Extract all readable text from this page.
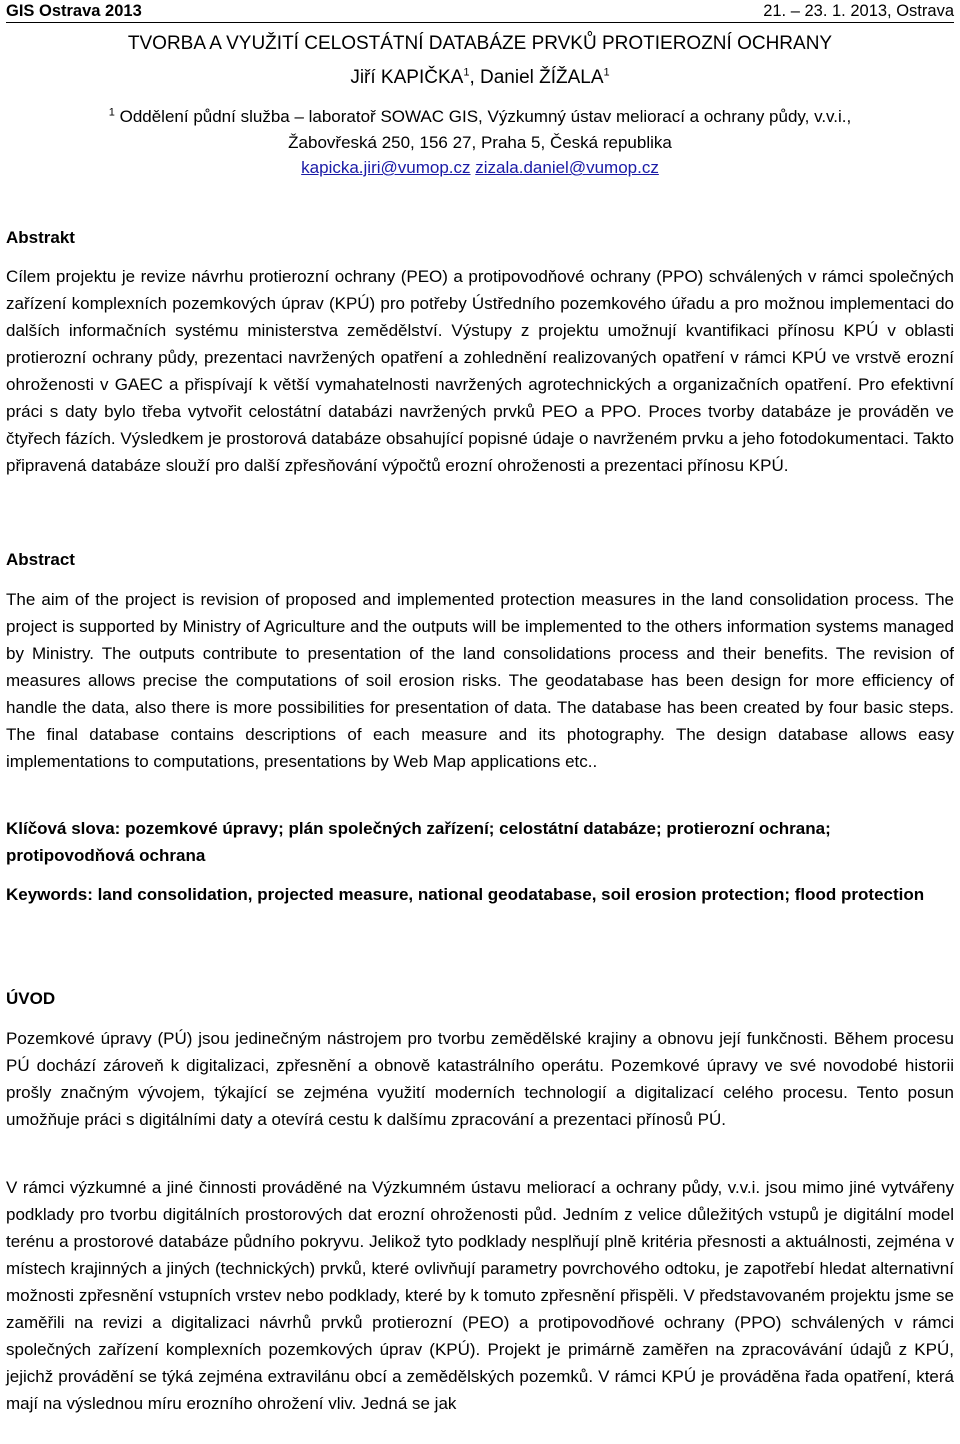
GIS Ostrava 2013	21. – 23. 1. 2013, Ostrava
TVORBA A VYUŽITÍ CELOSTÁTNÍ DATABÁZE PRVKŮ PROTIEROZNÍ OCHRANY
Jiří KAPIČKA$^1$, Daniel ŽÍŽALA$^1$
$^1$ Oddělení půdní služba – laboratoř SOWAC GIS, Výzkumný ústav meliorací a ochrany půdy, v.v.i.,
Žabovřeská 250, 156 27, Praha 5, Česká republika
kapicka.jiri@vumop.cz zizala.daniel@vumop.cz
Abstrakt

Cílem projektu je revize návrhu protierozní ochrany (PEO) a protipovodňové ochrany (PPO) schválených v rámci společných zařízení komplexních pozemkových úprav (KPÚ) pro potřeby Ústředního pozemkového úřadu a pro možnou implementaci do dalších informačních systému ministerstva zemědělství. Výstupy z projektu umožnují kvantifikaci přínosu KPÚ v oblasti protierozní ochrany půdy, prezentaci navržených opatření a zohlednění realizovaných opatření v rámci KPÚ ve vrstvě erozní ohroženosti v GAEC a přispívají k větší vymahatelnosti navržených agrotechnických a organizačních opatření. Pro efektivní práci s daty bylo třeba vytvořit celostátní databázi navržených prvků PEO a PPO. Proces tvorby databáze je prováděn ve čtyřech fázích. Výsledkem je prostorová databáze obsahující popisné údaje o navrženém prvku a jeho fotodokumentaci. Takto připravená databáze slouží pro další zpřesňování výpočtů erozní ohroženosti a prezentaci přínosu KPÚ.

Abstract

The aim of the project is revision of proposed and implemented protection measures in the land consolidation process. The project is supported by Ministry of Agriculture and the outputs will be implemented to the others information systems managed by Ministry. The outputs contribute to presentation of the land consolidations process and their benefits. The revision of measures allows precise the computations of soil erosion risks. The geodatabase has been design for more efficiency of handle the data, also there is more possibilities for presentation of data. The database has been created by four basic steps. The final database contains descriptions of each measure and its photography. The design database allows easy implementations to computations, presentations by Web Map applications etc..

Klíčová slova: pozemkové úpravy; plán společných zařízení; celostátní databáze; protierozní ochrana; protipovodňová ochrana

Keywords: land consolidation, projected measure, national geodatabase, soil erosion protection; flood protection

ÚVOD

Pozemkové úpravy (PÚ) jsou jedinečným nástrojem pro tvorbu zemědělské krajiny a obnovu její funkčnosti. Během procesu PÚ dochází zároveň k digitalizaci, zpřesnění a obnově katastrálního operátu. Pozemkové úpravy ve své novodobé historii prošly značným vývojem, týkající se zejména využití moderních technologií a digitalizací celého procesu. Tento posun umožňuje práci s digitálními daty a otevírá cestu k dalšímu zpracování a prezentaci přínosů PÚ.

V rámci výzkumné a jiné činnosti prováděné na Výzkumném ústavu meliorací a ochrany půdy, v.v.i. jsou mimo jiné vytvářeny podklady pro tvorbu digitálních prostorových dat erozní ohroženosti půd. Jedním z velice důležitých vstupů je digitální model terénu a prostorové databáze půdního pokryvu. Jelikož tyto podklady nesplňují plně kritéria přesnosti a aktuálnosti, zejména v místech krajinných a jiných (technických) prvků, které ovlivňují parametry povrchového odtoku, je zapotřebí hledat alternativní možnosti zpřesnění vstupních vrstev nebo podklady, které by k tomuto zpřesnění přispěli. V představovaném projektu jsme se zaměřili na revizi a digitalizaci návrhů prvků protierozní (PEO) a protipovodňové ochrany (PPO) schválených v rámci společných zařízení komplexních pozemkových úprav (KPÚ). Projekt je primárně zaměřen na zpracovávání údajů z KPÚ, jejichž provádění se týká zejména extravilánu obcí a zemědělských pozemků. V rámci KPÚ je prováděna řada opatření, která mají na výslednou míru erozního ohrožení vliv. Jedná se jak
